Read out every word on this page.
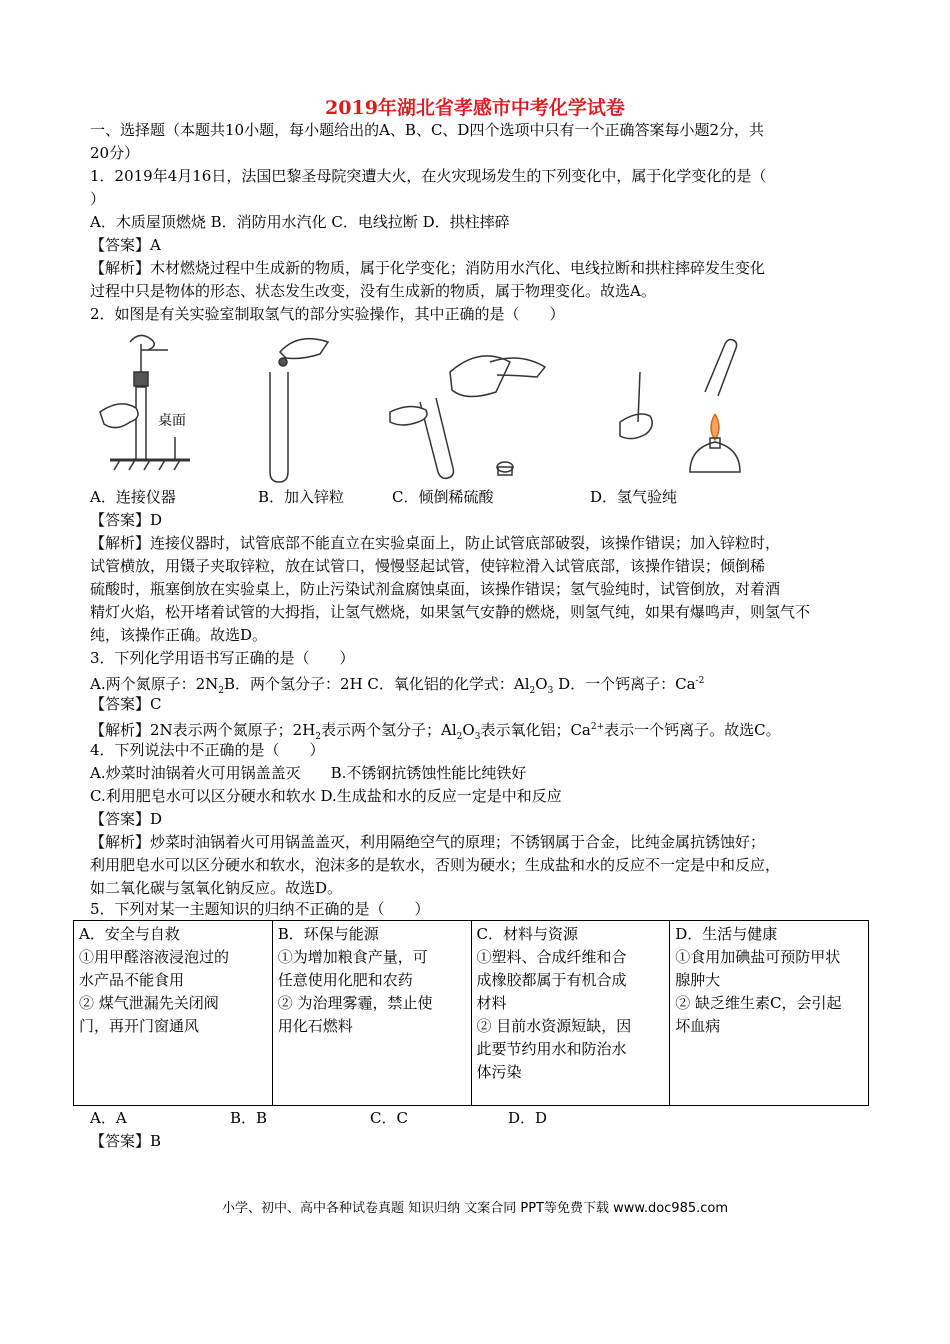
2019年湖北省孝感市中考化学试卷
一、选择题（本题共10小题，每小题给出的A、B、C、D四个选项中只有一个正确答案每小题2分，共
20分）
1．2019年4月16日，法国巴黎圣母院突遭大火，在火灾现场发生的下列变化中，属于化学变化的是（
）
A．木质屋顶燃烧 B．消防用水汽化 C．电线拉断 D．拱柱摔碎
【答案】A
【解析】木材燃烧过程中生成新的物质，属于化学变化；消防用水汽化、电线拉断和拱柱摔碎发生变化
过程中只是物体的形态、状态发生改变，没有生成新的物质，属于物理变化。故选A。
2．如图是有关实验室制取氢气的部分实验操作，其中正确的是（　　）
桌面
A．连接仪器	B．加入锌粒	C．倾倒稀硫酸	D．氢气验纯
【答案】D
【解析】连接仪器时，试管底部不能直立在实验桌面上，防止试管底部破裂，该操作错误；加入锌粒时，
试管横放，用镊子夹取锌粒，放在试管口，慢慢竖起试管，使锌粒滑入试管底部，该操作错误；倾倒稀
硫酸时，瓶塞倒放在实验桌上，防止污染试剂盒腐蚀桌面，该操作错误；氢气验纯时，试管倒放，对着酒
精灯火焰，松开堵着试管的大拇指，让氢气燃烧，如果氢气安静的燃烧，则氢气纯，如果有爆鸣声，则氢气不
纯，该操作正确。故选D。
3．下列化学用语书写正确的是（　　）
A.两个氮原子：$2N_2B$．两个氢分子：2H C．氧化铝的化学式：$Al_2O_3$ D．一个钙离子：$Ca^{-2}$
【答案】C
【解析】2N表示两个氮原子；$2H_2$表示两个氢分子；$Al_2O_3$表示氧化铝；$Ca^{2+}$表示一个钙离子。故选C。
4．下列说法中不正确的是（　　）
A.炒菜时油锅着火可用锅盖盖灭　　B.不锈钢抗锈蚀性能比纯铁好
C.利用肥皂水可以区分硬水和软水 D.生成盐和水的反应一定是中和反应
【答案】D
【解析】炒菜时油锅着火可用锅盖盖灭，利用隔绝空气的原理；不锈钢属于合金，比纯金属抗锈蚀好；
利用肥皂水可以区分硬水和软水，泡沫多的是软水，否则为硬水；生成盐和水的反应不一定是中和反应，
如二氧化碳与氢氧化钠反应。故选D。
5．下列对某一主题知识的归纳不正确的是（　　）
A．安全与自救
①用甲醛溶液浸泡过的
水产品不能食用
② 煤气泄漏先关闭阀
门，再开门窗通风

B．环保与能源
①为增加粮食产量，可
任意使用化肥和农药
② 为治理雾霾，禁止使
用化石燃料

C．材料与资源
①塑料、合成纤维和合
成橡胶都属于有机合成
材料
② 目前水资源短缺，因
此要节约用水和防治水
体污染

D．生活与健康
①食用加碘盐可预防甲状
腺肿大
② 缺乏维生素C，会引起
坏血病
A．A	B．B	C．C	D．D
【答案】B
小学、初中、高中各种试卷真题 知识归纳 文案合同 PPT等免费下载 www.doc985.com
